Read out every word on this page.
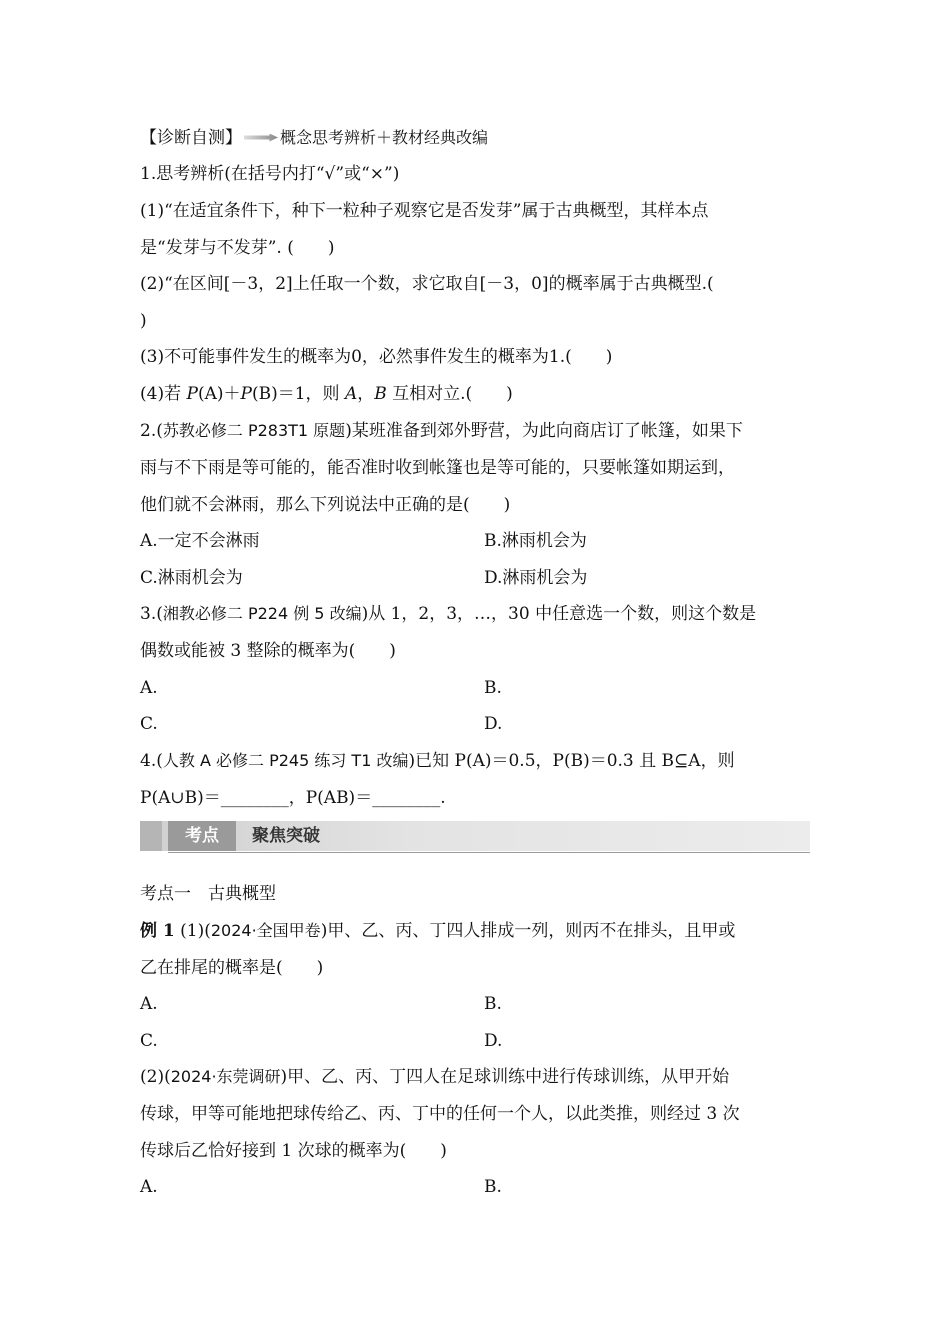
【诊断自测】 概念思考辨析＋教材经典改编
1.思考辨析(在括号内打“√”或“×”)
(1)“在适宜条件下，种下一粒种子观察它是否发芽”属于古典概型，其样本点
是“发芽与不发芽”. (　　)
(2)“在区间[－3，2]上任取一个数，求它取自[－3，0]的概率属于古典概型.(
)
(3)不可能事件发生的概率为0，必然事件发生的概率为1.(　　)
(4)若 P(A)＋P(B)＝1，则 A，B 互相对立.(　　)
2.(苏教必修二 P283T1 原题)某班准备到郊外野营，为此向商店订了帐篷，如果下
雨与不下雨是等可能的，能否准时收到帐篷也是等可能的，只要帐篷如期运到，
他们就不会淋雨，那么下列说法中正确的是(　　)
A.一定不会淋雨	B.淋雨机会为
C.淋雨机会为	D.淋雨机会为
3.(湘教必修二 P224 例 5 改编)从 1，2，3，…，30 中任意选一个数，则这个数是
偶数或能被 3 整除的概率为(　　)
A.	B.
C.	D.
4.(人教 A 必修二 P245 练习 T1 改编)已知 P(A)＝0.5，P(B)＝0.3 且 B⊆A，则
P(A∪B)＝________，P(AB)＝________.
考点	聚焦突破
考点一　古典概型
例 1 (1)(2024·全国甲卷)甲、乙、丙、丁四人排成一列，则丙不在排头，且甲或
乙在排尾的概率是(　　)
A.	B.
C.	D.
(2)(2024·东莞调研)甲、乙、丙、丁四人在足球训练中进行传球训练，从甲开始
传球，甲等可能地把球传给乙、丙、丁中的任何一个人，以此类推，则经过 3 次
传球后乙恰好接到 1 次球的概率为(　　)
A.	B.
